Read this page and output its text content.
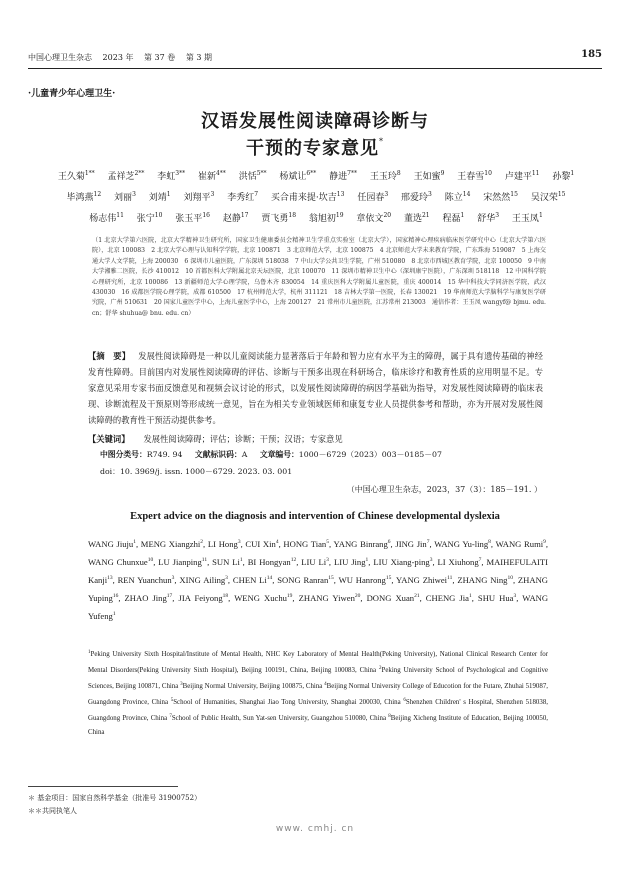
中国心理卫生杂志 2023 年 第 37 卷 第 3 期	185
·儿童青少年心理卫生·
汉语发展性阅读障碍诊断与
干预的专家意见*
王久菊$^{1**}$ 孟祥芝$^{2**}$ 李虹$^{3**}$ 崔新$^{4**}$ 洪恬$^{5**}$ 杨斌让$^{6**}$ 静进$^{7**}$ 王玉玲$^8$ 王如蜜$^9$ 王春雪$^{10}$ 卢建平$^{11}$ 孙黎$^1$ 毕鸿燕$^{12}$ 刘丽$^3$ 刘靖$^1$ 刘翔平$^3$ 李秀红$^7$ 买合甫来提·坎吉$^{13}$ 任园春$^3$ 邢爱玲$^3$ 陈立$^{14}$ 宋然然$^{15}$ 吴汉荣$^{15}$ 杨志伟$^{11}$ 张宁$^{10}$ 张玉平$^{16}$ 赵静$^{17}$ 贾飞勇$^{18}$ 翁旭初$^{19}$ 章依文$^{20}$ 董选$^{21}$ 程磊$^1$ 舒华$^3$ 王玉凤$^1$
（1 北京大学第六医院，北京大学精神卫生研究所，国家卫生健康委员会精神卫生学重点实验室（北京大学），国家精神心理疾病临床医学研究中心（北京大学第六医院），北京 100083　2 北京大学心理与认知科学学院，北京 100871　3 北京师范大学，北京 100875　4 北京师范大学未来教育学院，广东珠海 519087　5 上海交通大学人文学院，上海 200030　6 深圳市儿童医院，广东深圳 518038　7 中山大学公共卫生学院，广州 510080　8 北京市西城区教育学院，北京 100050　9 中南大学湘雅二医院，长沙 410012　10 首都医科大学附属北京天坛医院，北京 100070　11 深圳市精神卫生中心（深圳康宁医院），广东深圳 518118　12 中国科学院心理研究所，北京 100086　13 新疆师范大学心理学院，乌鲁木齐 830054　14 重庆医科大学附属儿童医院，重庆 400014　15 华中科技大学同济医学院，武汉 430030　16 成都医学院心理学院，成都 610500　17 杭州师范大学，杭州 311121　18 吉林大学第一医院，长春 130021　19 华南师范大学脑科学与康复医学研究院，广州 510631　20 国家儿童医学中心，上海儿童医学中心，上海 200127　21 常州市儿童医院，江苏常州 213003　通信作者：王玉凤 wangyf@ bjmu. edu. cn；舒华 shuhua@ bnu. edu. cn）
【摘　要】 发展性阅读障碍是一种以儿童阅读能力显著落后于年龄和智力应有水平为主的障碍，属于具有遗传基础的神经发育性障碍。目前国内对发展性阅读障碍的评估、诊断与干预多出现在科研场合，临床诊疗和教育性质的应用明显不足。专家意见采用专家书面反馈意见和视频会议讨论的形式，以发展性阅读障碍的病因学基础为指导，对发展性阅读障碍的临床表现、诊断流程及干预原则等形成统一意见，旨在为相关专业领域医师和康复专业人员提供参考和帮助，亦为开展对发展性阅读障碍的教育性干预活动提供参考。
【关键词】 发展性阅读障碍；评估；诊断；干预；汉语；专家意见
中图分类号：R749. 94 文献标识码：A 文章编号：1000－6729（2023）003－0185－07
doi：10. 3969/j. issn. 1000－6729. 2023. 03. 001
（中国心理卫生杂志，2023，37（3）：185－191. ）
Expert advice on the diagnosis and intervention of Chinese developmental dyslexia
WANG Jiuju$^1$, MENG Xiangzhi$^2$, LI Hong$^3$, CUI Xin$^4$, HONG Tian$^5$, YANG Binrang$^6$, JING Jin$^7$, WANG Yu-ling$^8$, WANG Rumi$^9$, WANG Chunxue$^{10}$, LU Jianping$^{11}$, SUN Li$^1$, BI Hongyan$^{12}$, LIU Li$^3$, LIU Jing$^1$, LIU Xiang-ping$^3$, LI Xiuhong$^7$, MAIHEFULAITI Kanji$^{13}$, REN Yuanchun$^3$, XING Ailing$^3$, CHEN Li$^{14}$, SONG Ranran$^{15}$, WU Hanrong$^{15}$, YANG Zhiwei$^{11}$, ZHANG Ning$^{10}$, ZHANG Yuping$^{16}$, ZHAO Jing$^{17}$, JIA Feiyong$^{18}$, WENG Xuchu$^{19}$, ZHANG Yiwen$^{20}$, DONG Xuan$^{21}$, CHENG Jia$^1$, SHU Hua$^3$, WANG Yufeng$^1$
$^1$Peking University Sixth Hospital/Institute of Mental Health, NHC Key Laboratory of Mental Health(Peking University), National Clinical Research Center for Mental Disorders(Peking University Sixth Hospital), Beijing 100191, China, Beijing 100083, China $^2$Peking University School of Psychological and Cognitive Sciences, Beijing 100871, China $^3$Beijing Normal University, Beijing 100875, China $^4$Beijing Normal University College of Educotion for the Futare, Zhuhai 519087, Guangdong Province, China $^5$School of Humanities, Shanghai Jiao Tong University, Shanghai 200030, China $^6$Shenzhen Children' s Hospital, Shenzhen 518038, Guangdong Province, China $^7$School of Public Health, Sun Yat-sen University, Guangzhou 510080, China $^8$Beijing Xicheng Institute of Education, Beijing 100050, China
＊ 基金项目：国家自然科学基金（批准号 31900752）
＊＊共同执笔人
www. cmhj. cn
